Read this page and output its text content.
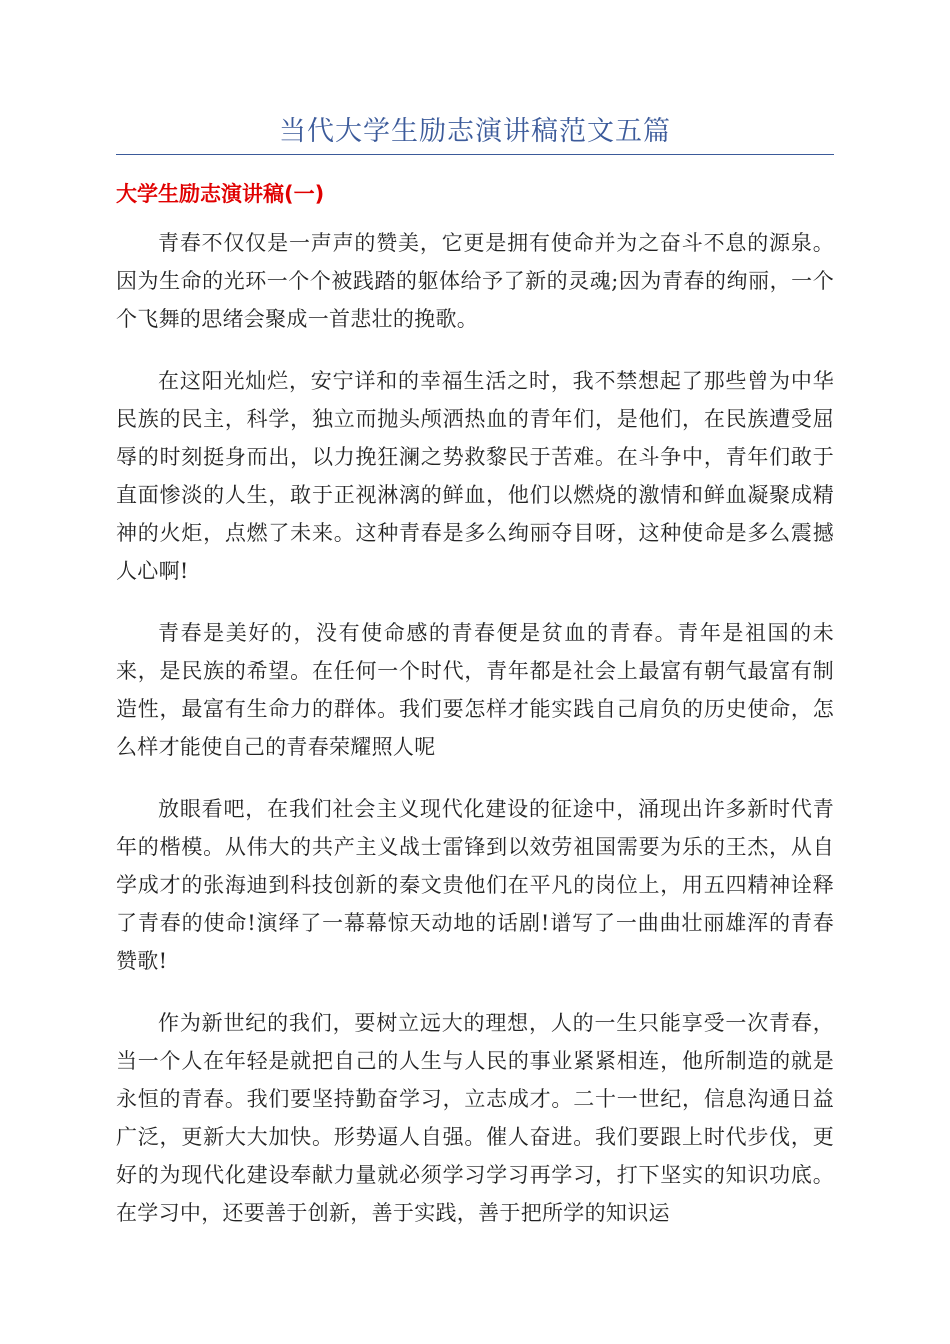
当代大学生励志演讲稿范文五篇
大学生励志演讲稿(一)

青春不仅仅是一声声的赞美，它更是拥有使命并为之奋斗不息的源泉。因为生命的光环一个个被践踏的躯体给予了新的灵魂;因为青春的绚丽，一个个飞舞的思绪会聚成一首悲壮的挽歌。

在这阳光灿烂，安宁详和的幸福生活之时，我不禁想起了那些曾为中华民族的民主，科学，独立而抛头颅洒热血的青年们，是他们，在民族遭受屈辱的时刻挺身而出，以力挽狂澜之势救黎民于苦难。在斗争中，青年们敢于直面惨淡的人生，敢于正视淋漓的鲜血，他们以燃烧的激情和鲜血凝聚成精神的火炬，点燃了未来。这种青春是多么绚丽夺目呀，这种使命是多么震撼人心啊!

青春是美好的，没有使命感的青春便是贫血的青春。青年是祖国的未来，是民族的希望。在任何一个时代，青年都是社会上最富有朝气最富有制造性，最富有生命力的群体。我们要怎样才能实践自己肩负的历史使命，怎么样才能使自己的青春荣耀照人呢

放眼看吧，在我们社会主义现代化建设的征途中，涌现出许多新时代青年的楷模。从伟大的共产主义战士雷锋到以效劳祖国需要为乐的王杰，从自学成才的张海迪到科技创新的秦文贵他们在平凡的岗位上，用五四精神诠释了青春的使命!演绎了一幕幕惊天动地的话剧!谱写了一曲曲壮丽雄浑的青春赞歌!

作为新世纪的我们，要树立远大的理想，人的一生只能享受一次青春，当一个人在年轻是就把自己的人生与人民的事业紧紧相连，他所制造的就是永恒的青春。我们要坚持勤奋学习，立志成才。二十一世纪，信息沟通日益广泛，更新大大加快。形势逼人自强。催人奋进。我们要跟上时代步伐，更好的为现代化建设奉献力量就必须学习学习再学习，打下坚实的知识功底。在学习中，还要善于创新，善于实践，善于把所学的知识运
